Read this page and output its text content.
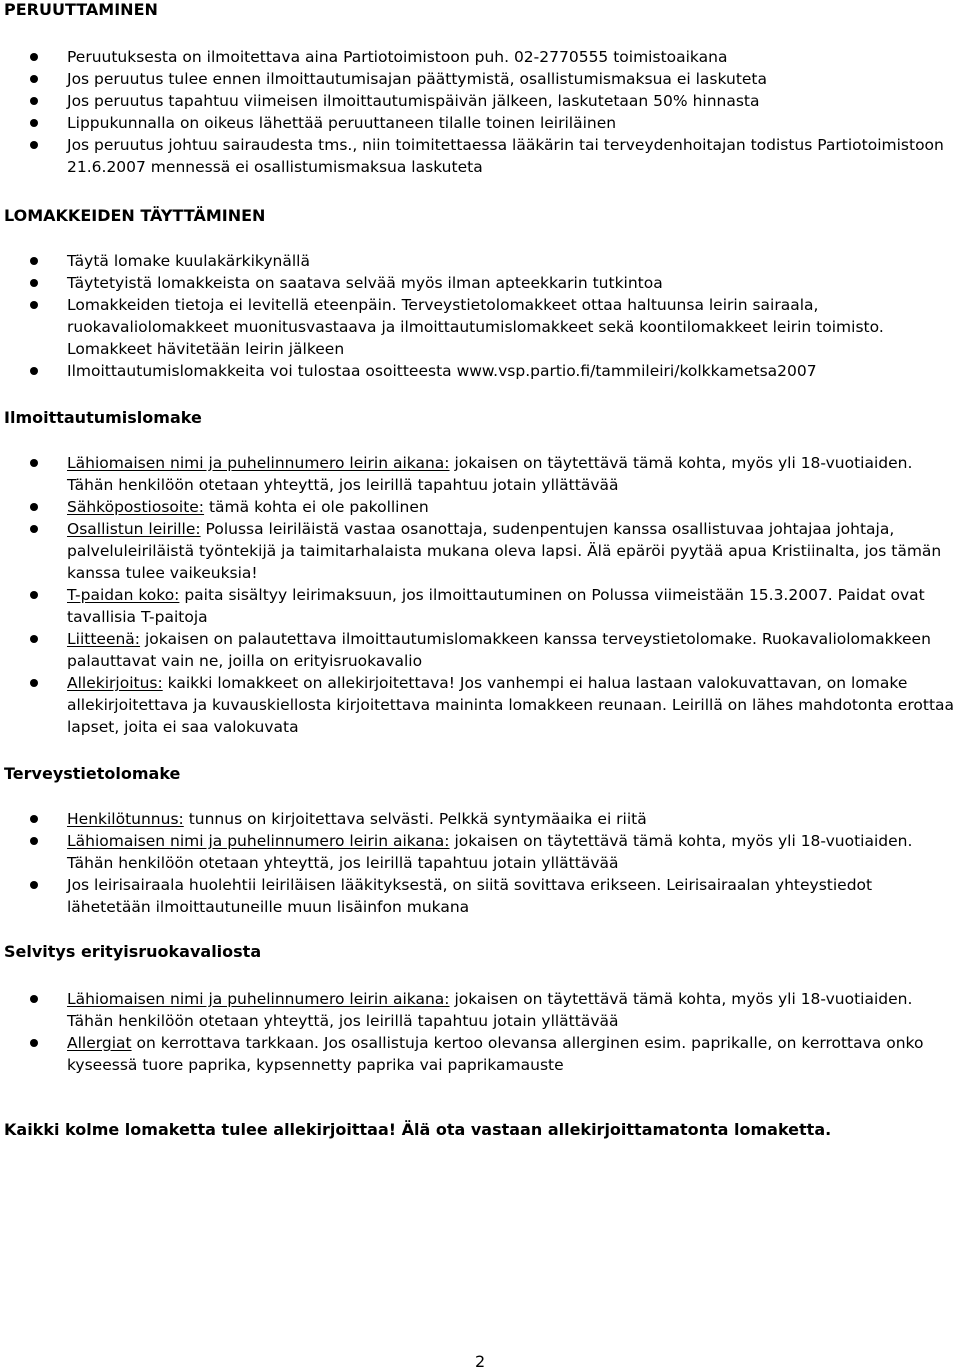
PERUUTTAMINEN
Peruutuksesta on ilmoitettava aina Partiotoimistoon puh. 02-2770555 toimistoaikana
Jos peruutus tulee ennen ilmoittautumisajan päättymistä, osallistumismaksua ei laskuteta
Jos peruutus tapahtuu viimeisen ilmoittautumispäivän jälkeen, laskutetaan 50% hinnasta
Lippukunnalla on oikeus lähettää peruuttaneen tilalle toinen leiriläinen
Jos peruutus johtuu sairaudesta tms., niin toimitettaessa lääkärin tai terveydenhoitajan todistus Partiotoimistoon 21.6.2007 mennessä ei osallistumismaksua laskuteta
LOMAKKEIDEN TÄYTTÄMINEN
Täytä lomake kuulakärkikynällä
Täytetyistä lomakkeista on saatava selvää myös ilman apteekkarin tutkintoa
Lomakkeiden tietoja ei levitellä eteenpäin. Terveystietolomakkeet ottaa haltuunsa leirin sairaala, ruokavaliolomakkeet muonitusvastaava ja ilmoittautumislomakkeet sekä koontilomakkeet leirin toimisto. Lomakkeet hävitetään leirin jälkeen
Ilmoittautumislomakkeita voi tulostaa osoitteesta www.vsp.partio.fi/tammileiri/kolkkametsa2007
Ilmoittautumislomake
Lähiomaisen nimi ja puhelinnumero leirin aikana: jokaisen on täytettävä tämä kohta, myös yli 18-vuotiaiden. Tähän henkilöön otetaan yhteyttä, jos leirillä tapahtuu jotain yllättävää
Sähköpostiosoite: tämä kohta ei ole pakollinen
Osallistun leirille: Polussa leiriläistä vastaa osanottaja, sudenpentujen kanssa osallistuvaa johtajaa johtaja, palveluleiriläistä työntekijä ja taimitarhalaista mukana oleva lapsi. Älä epäröi pyytää apua Kristiinalta, jos tämän kanssa tulee vaikeuksia!
T-paidan koko: paita sisältyy leirimaksuun, jos ilmoittautuminen on Polussa viimeistään 15.3.2007. Paidat ovat tavallisia T-paitoja
Liitteenä: jokaisen on palautettava ilmoittautumislomakkeen kanssa terveystietolomake. Ruokavaliolomakkeen palauttavat vain ne, joilla on erityisruokavalio
Allekirjoitus: kaikki lomakkeet on allekirjoitettava! Jos vanhempi ei halua lastaan valokuvattavan, on lomake allekirjoitettava ja kuvauskiellosta kirjoitettava maininta lomakkeen reunaan. Leirillä on lähes mahdotonta erottaa lapset, joita ei saa valokuvata
Terveystietolomake
Henkilötunnus: tunnus on kirjoitettava selvästi. Pelkkä syntymäaika ei riitä
Lähiomaisen nimi ja puhelinnumero leirin aikana: jokaisen on täytettävä tämä kohta, myös yli 18-vuotiaiden. Tähän henkilöön otetaan yhteyttä, jos leirillä tapahtuu jotain yllättävää
Jos leirisairaala huolehtii leiriläisen lääkityksestä, on siitä sovittava erikseen. Leirisairaalan yhteystiedot lähetetään ilmoittautuneille muun lisäinfon mukana
Selvitys erityisruokavaliosta
Lähiomaisen nimi ja puhelinnumero leirin aikana: jokaisen on täytettävä tämä kohta, myös yli 18-vuotiaiden. Tähän henkilöön otetaan yhteyttä, jos leirillä tapahtuu jotain yllättävää
Allergiat on kerrottava tarkkaan. Jos osallistuja kertoo olevansa allerginen esim. paprikalle, on kerrottava onko kyseessä tuore paprika, kypsennetty paprika vai paprikamauste

Kaikki kolme lomaketta tulee allekirjoittaa! Älä ota vastaan allekirjoittamatonta lomaketta.

2
